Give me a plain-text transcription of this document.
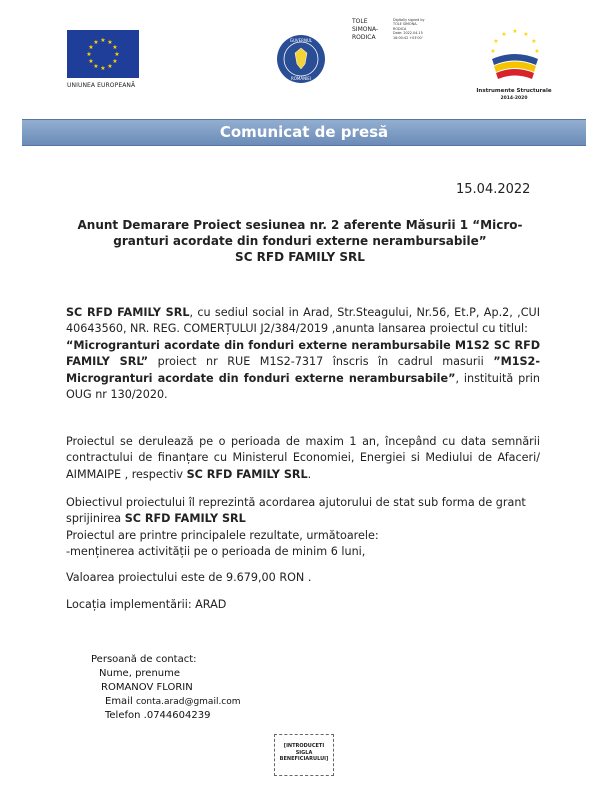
★ ★
★
★
★
★
★
★
★
★
★
★
UNIUNEA EUROPEANĂ
GUVERNUL
ROMÂNIEI
TOLE
SIMONA-
RODICA
Digitally signed by
TOLE SIMONA-
RODICA
Date: 2022.04.15
16:00:42 +03'00'
★ ★
★
★
★
★
★
Instrumente Structurale
2014-2020
Comunicat de presă
15.04.2022
Anunt Demarare Proiect sesiunea nr. 2 aferente Măsurii 1 “Micro-
granturi acordate din fonduri externe nerambursabile”
SC RFD FAMILY SRL
SC RFD FAMILY SRL, cu sediul social in Arad, Str.Steagului, Nr.56, Et.P, Ap.2, ,CUI 40643560, NR. REG. COMERȚULUI J2/384/2019 ,anunta lansarea proiectul cu titlul:
“Microgranturi acordate din fonduri externe nerambursabile M1S2 SC RFD FAMILY SRL” proiect nr RUE M1S2-7317 înscris în cadrul masurii ”M1S2-Microgranturi acordate din fonduri externe nerambursabile”, instituită prin OUG nr 130/2020.
Proiectul se derulează pe o perioada de maxim 1 an, începând cu data semnării contractului de finanțare cu Ministerul Economiei, Energiei si Mediului de Afaceri/ AIMMAIPE , respectiv SC RFD FAMILY SRL.
Obiectivul proiectului îl reprezintă acordarea ajutorului de stat sub forma de grant sprijinirea SC RFD FAMILY SRL
Proiectul are printre principalele rezultate, următoarele:
-menținerea activității pe o perioada de minim 6 luni,
Valoarea proiectului este de 9.679,00 RON .
Locația implementării: ARAD
Persoană de contact:
Nume, prenume
ROMANOV FLORIN
Email conta.arad@gmail.com
Telefon .0744604239
[INTRODUCETI
SIGLA
BENEFICIARULUI]
